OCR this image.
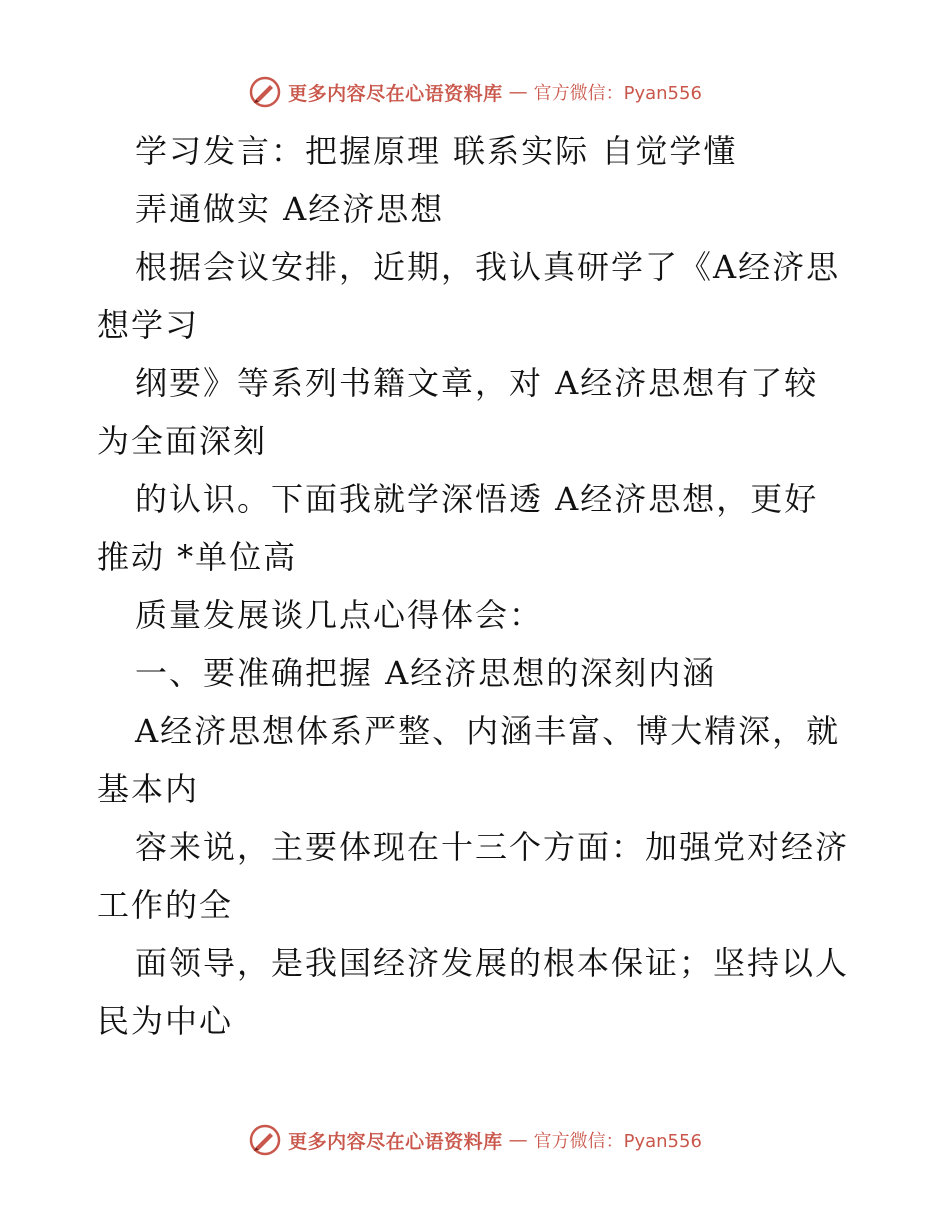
更多内容尽在心语资料库 — 官方微信：Pyan556
学习发言：把握原理 联系实际 自觉学懂
弄通做实 A经济思想
根据会议安排，近期，我认真研学了《A经济思
想学习
纲要》等系列书籍文章，对 A经济思想有了较
为全面深刻
的认识。下面我就学深悟透 A经济思想，更好
推动 *单位高
质量发展谈几点心得体会：
一、要准确把握 A经济思想的深刻内涵
A经济思想体系严整、内涵丰富、博大精深，就
基本内
容来说，主要体现在十三个方面：加强党对经济
工作的全
面领导，是我国经济发展的根本保证；坚持以人
民为中心
更多内容尽在心语资料库 — 官方微信：Pyan556
